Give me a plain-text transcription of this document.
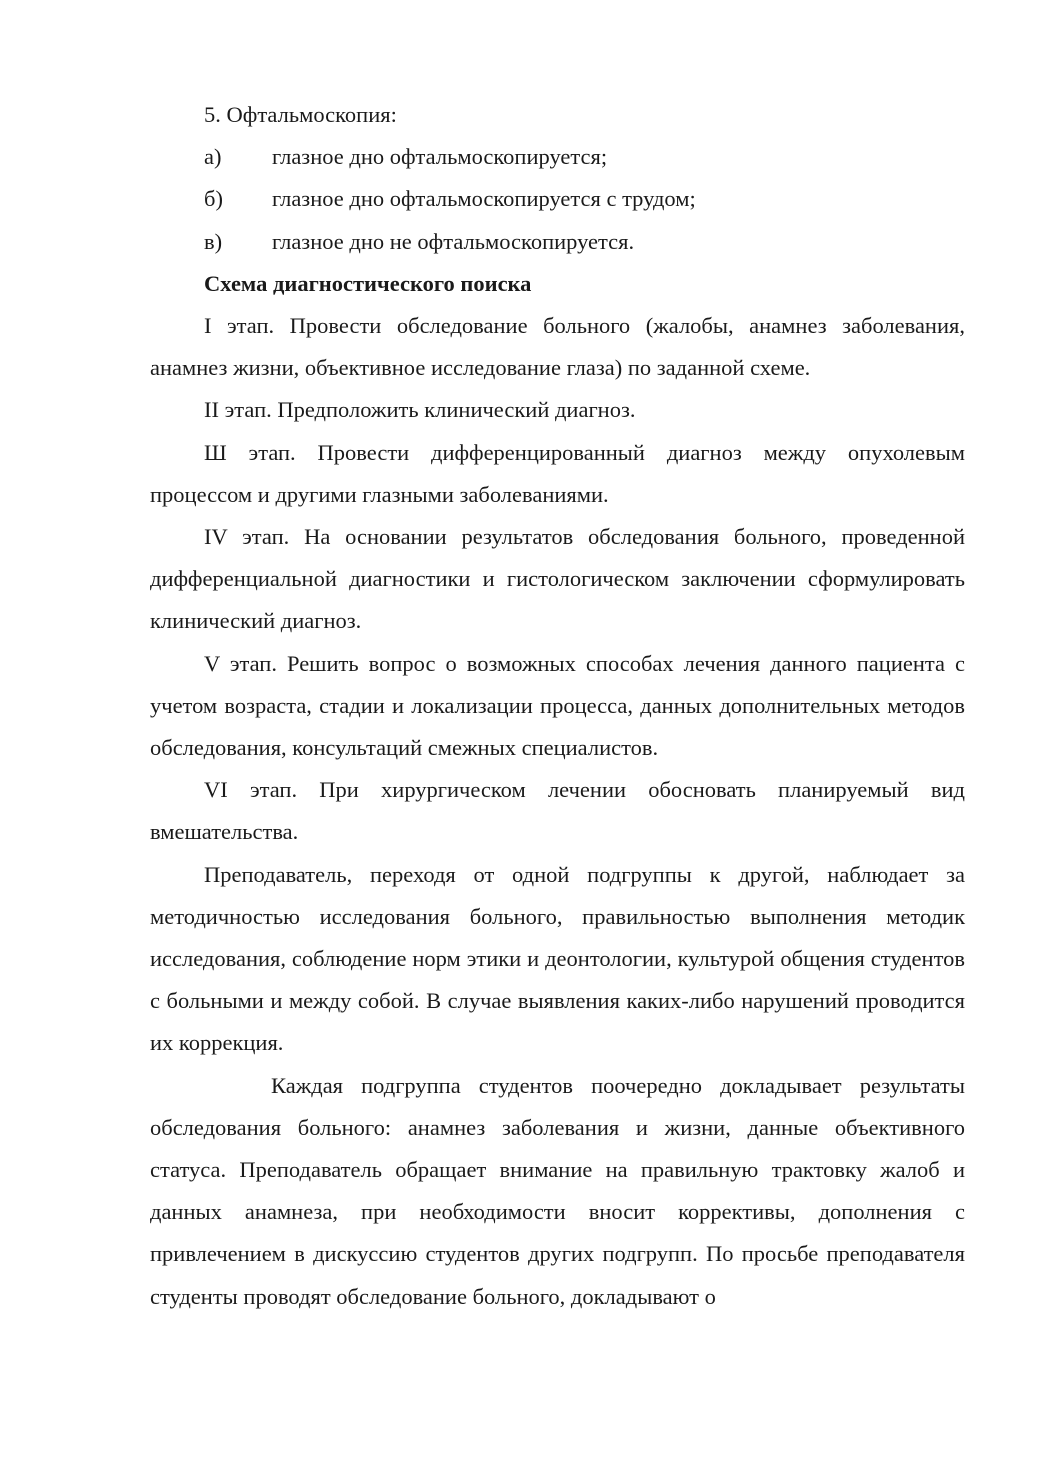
5. Офтальмоскопия:

а)	глазное дно офтальмоскопируется;
б)	глазное дно офтальмоскопируется с трудом;
в)	глазное дно не офтальмоскопируется.

Схема диагностического поиска

I этап. Провести обследование больного (жалобы, анамнез заболевания, анамнез жизни, объективное исследование глаза) по заданной схеме.

II этап. Предположить клинический диагноз.

Ш этап. Провести дифференцированный диагноз между опухолевым процессом и другими глазными заболеваниями.

IV этап. На основании результатов обследования больного, проведенной дифференциальной диагностики и гистологическом заключении сформулировать клинический диагноз.

V этап. Решить вопрос о возможных способах лечения данного пациента с учетом возраста, стадии и локализации процесса, данных дополнительных методов обследования, консультаций смежных специалистов.

VI этап. При хирургическом лечении обосновать планируемый вид вмешательства.

Преподаватель, переходя от одной подгруппы к другой, наблюдает за методичностью исследования больного, правильностью выполнения методик исследования, соблюдение норм этики и деонтологии, культурой общения студентов с больными и между собой. В случае выявления каких-либо нарушений проводится их коррекция.

Каждая подгруппа студентов поочередно докладывает результаты обследования больного: анамнез заболевания и жизни, данные объективного статуса. Преподаватель обращает внимание на правильную трактовку жалоб и данных анамнеза, при необходимости вносит коррективы, дополнения с привлечением в дискуссию студентов других подгрупп. По просьбе преподавателя студенты проводят обследование больного, докладывают о
